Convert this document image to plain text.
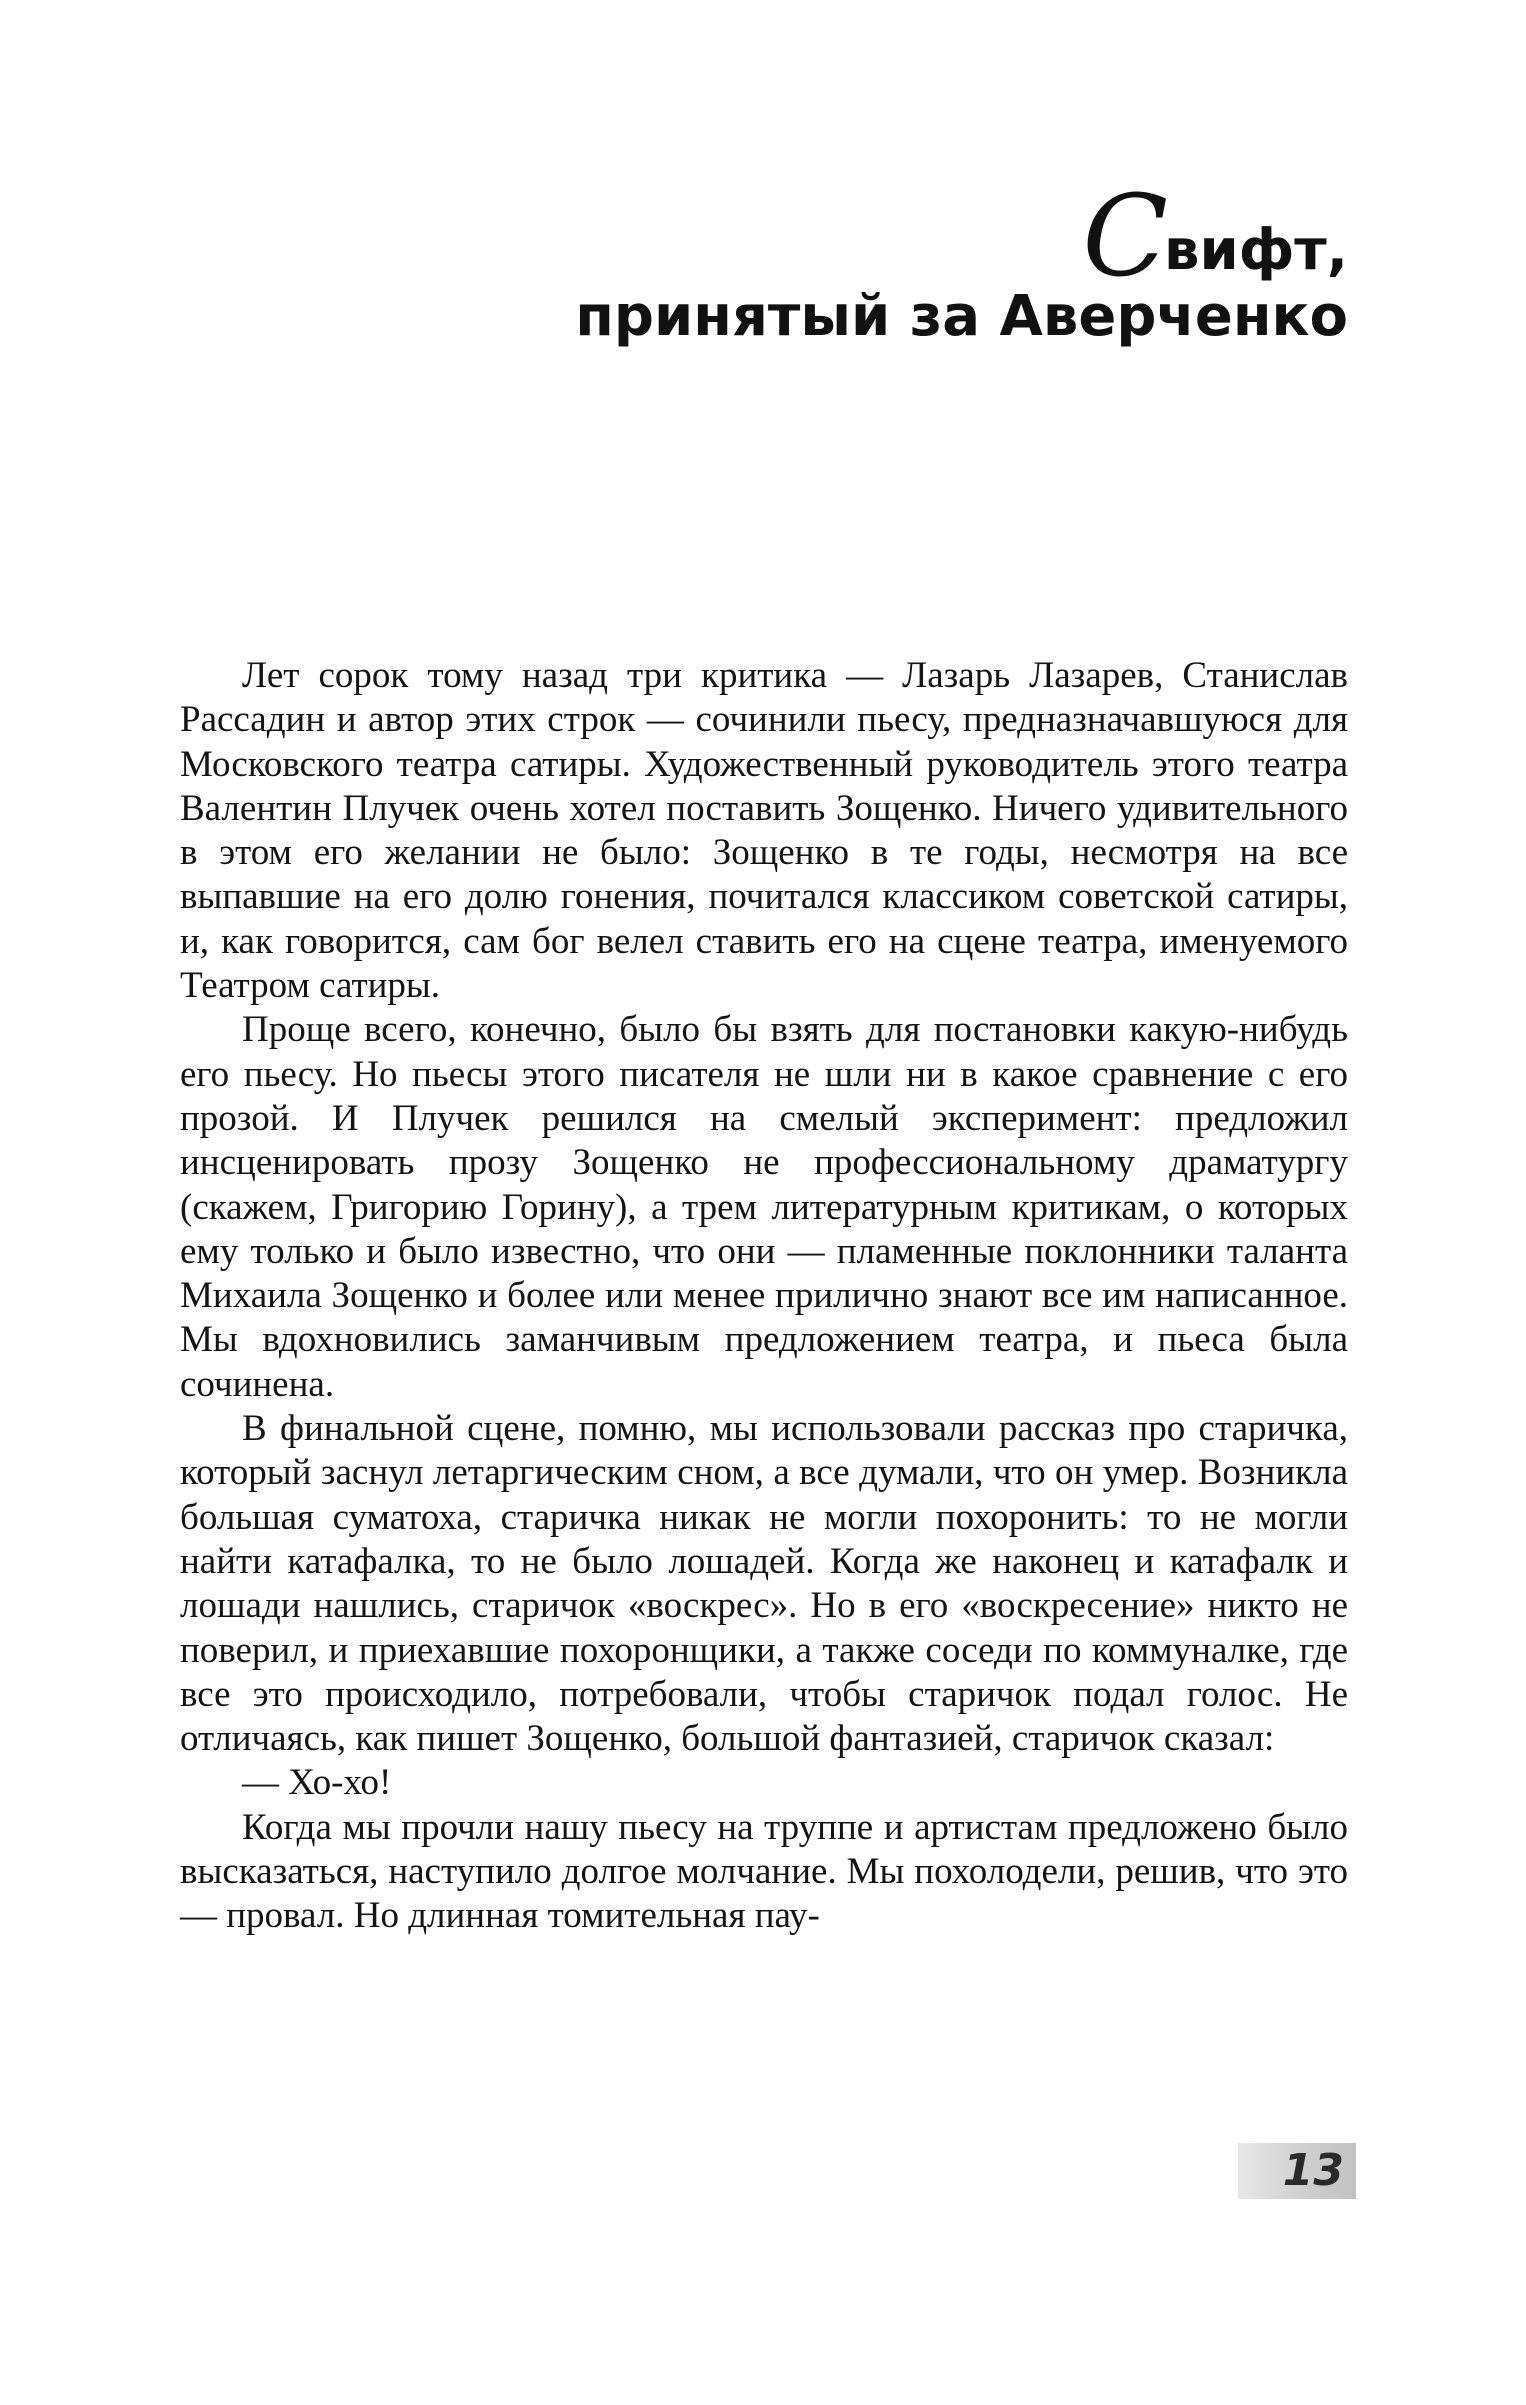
Свифт,
принятый за Аверченко

Лет сорок тому назад три критика — Лазарь Лазарев, Станислав Рассадин и автор этих строк — сочинили пьесу, предназначавшуюся для Московского театра сатиры. Художественный руководитель этого театра Валентин Плучек очень хотел поставить Зощенко. Ничего удивительного в этом его желании не было: Зощенко в те годы, несмотря на все выпавшие на его долю гонения, почитался классиком советской сатиры, и, как говорится, сам бог велел ставить его на сцене театра, именуемого Театром сатиры.

Проще всего, конечно, было бы взять для постановки какую-нибудь его пьесу. Но пьесы этого писателя не шли ни в какое сравнение с его прозой. И Плучек решился на смелый эксперимент: предложил инсценировать прозу Зощенко не профессиональному драматургу (скажем, Григорию Горину), а трем литературным критикам, о которых ему только и было известно, что они — пламенные поклонники таланта Михаила Зощенко и более или менее прилично знают все им написанное. Мы вдохновились заманчивым предложением театра, и пьеса была сочинена.

В финальной сцене, помню, мы использовали рассказ про старичка, который заснул летаргическим сном, а все думали, что он умер. Возникла большая суматоха, старичка никак не могли похоронить: то не могли найти катафалка, то не было лошадей. Когда же наконец и катафалк и лошади нашлись, старичок «воскрес». Но в его «воскресение» никто не поверил, и приехавшие похоронщики, а также соседи по коммуналке, где все это происходило, потребовали, чтобы старичок подал голос. Не отличаясь, как пишет Зощенко, большой фантазией, старичок сказал:

— Хо-хо!

Когда мы прочли нашу пьесу на труппе и артистам предложено было высказаться, наступило долгое молчание. Мы похолодели, решив, что это — провал. Но длинная томительная пау-

13
